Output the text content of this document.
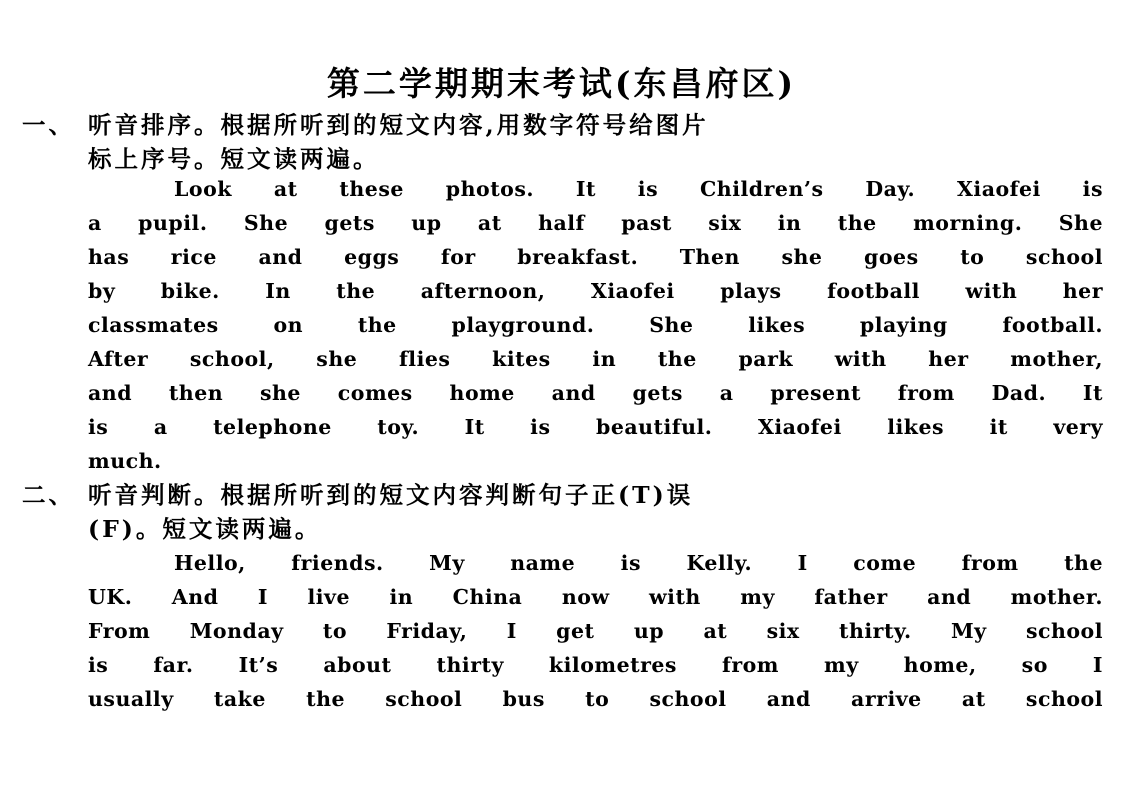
第二学期期末考试(东昌府区)
一、 听音排序。根据所听到的短文内容,用数字符号给图片
标上序号。短文读两遍。
Look at these photos. It is Children’s Day. Xiaofei is
a pupil. She gets up at half past six in the morning. She
has rice and eggs for breakfast. Then she goes to school
by bike. In the afternoon, Xiaofei plays football with her
classmates on the playground. She likes playing football.
After school, she flies kites in the park with her mother,
and then she comes home and gets a present from Dad. It
is a telephone toy. It is beautiful. Xiaofei likes it very
much.
二、 听音判断。根据所听到的短文内容判断句子正(T)误
(F)。短文读两遍。
Hello, friends. My name is Kelly. I come from the
UK. And I live in China now with my father and mother.
From Monday to Friday, I get up at six thirty. My school
is far. It’s about thirty kilometres from my home, so I
usually take the school bus to school and arrive at school
